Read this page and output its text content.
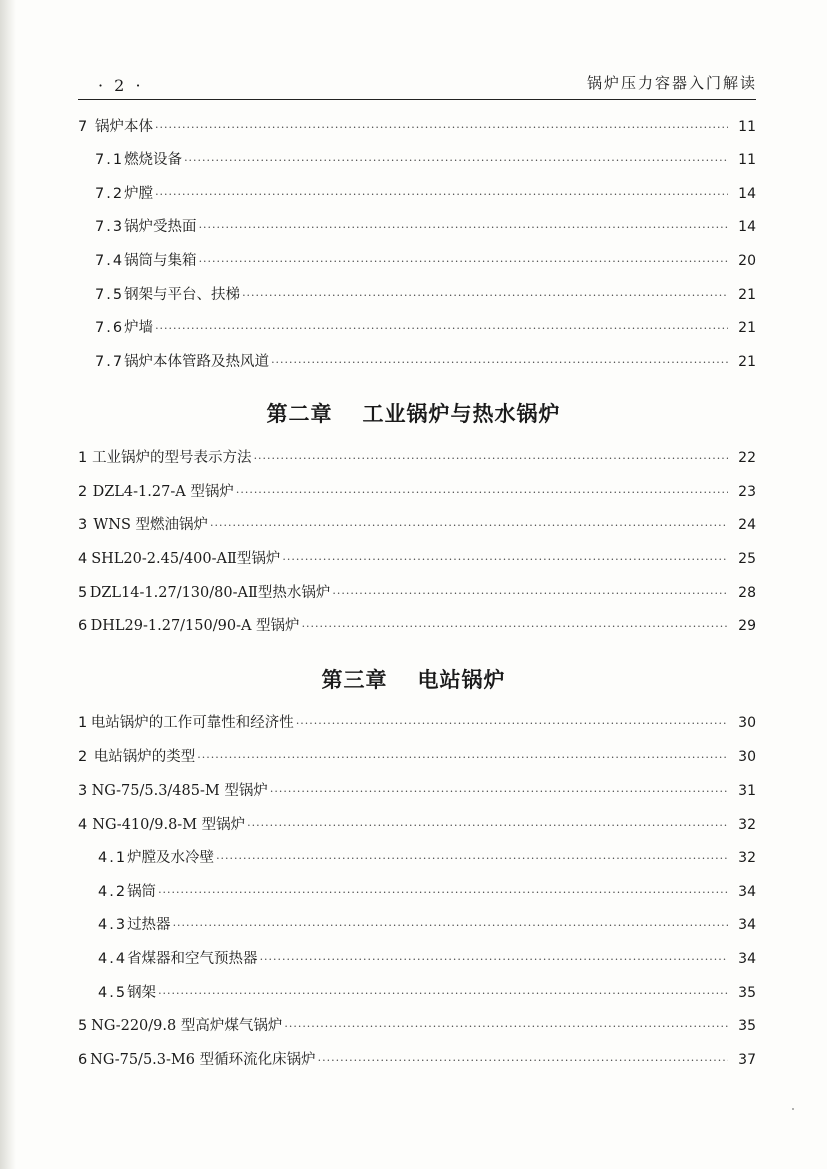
· 2 ·	锅炉压力容器入门解读
7 锅炉本体 ·····	11
7.1 燃烧设备 ·····	11
7.2 炉膛 ·····	14
7.3 锅炉受热面 ·····	14
7.4 锅筒与集箱 ·····	20
7.5 钢架与平台、扶梯 ·····	21
7.6 炉墙 ·····	21
7.7 锅炉本体管路及热风道 ·····	21
第二章 工业锅炉与热水锅炉
1 工业锅炉的型号表示方法 ·····	22
2 DZL4-1.27-A 型锅炉 ·····	23
3 WNS 型燃油锅炉 ·····	24
4 SHL20-2.45/400-AⅡ型锅炉 ·····	25
5 DZL14-1.27/130/80-AⅡ型热水锅炉 ·····	28
6 DHL29-1.27/150/90-A 型锅炉 ·····	29
第三章 电站锅炉
1 电站锅炉的工作可靠性和经济性 ·····	30
2 电站锅炉的类型 ·····	30
3 NG-75/5.3/485-M 型锅炉 ·····	31
4 NG-410/9.8-M 型锅炉 ·····	32
4.1 炉膛及水冷壁 ·····	32
4.2 锅筒 ·····	34
4.3 过热器 ·····	34
4.4 省煤器和空气预热器 ·····	34
4.5 钢架 ·····	35
5 NG-220/9.8 型高炉煤气锅炉 ·····	35
6 NG-75/5.3-M6 型循环流化床锅炉 ·····	37
